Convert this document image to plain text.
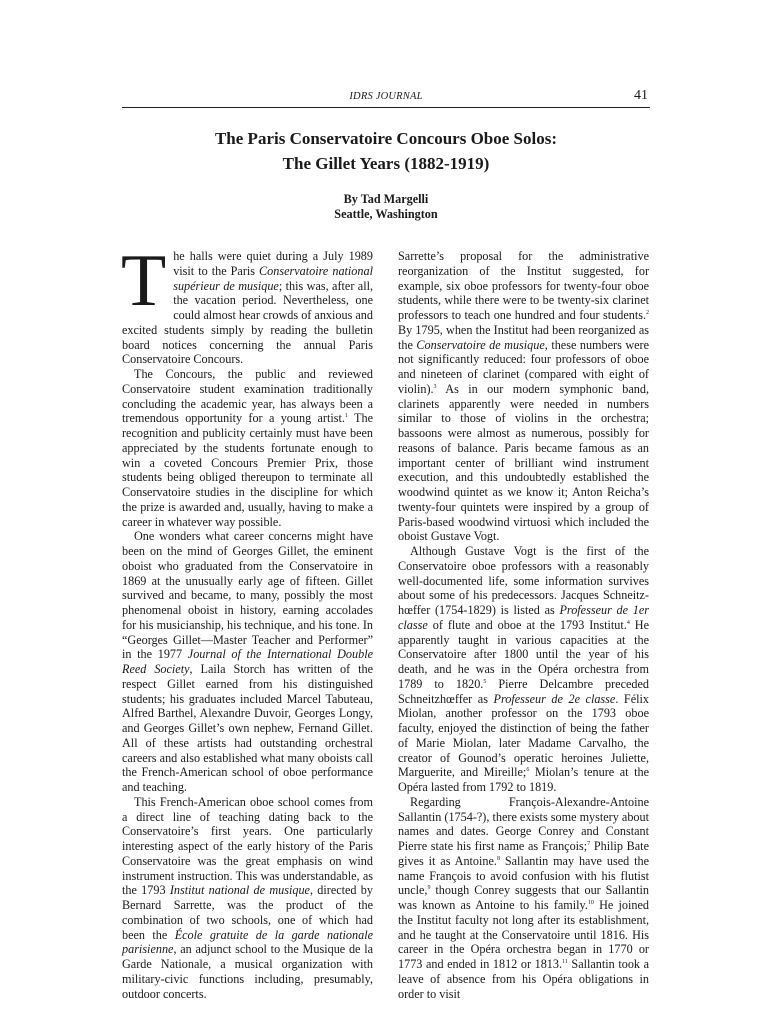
IDRS JOURNAL	41
The Paris Conservatoire Concours Oboe Solos:
The Gillet Years (1882-1919)
By Tad Margelli
Seattle, Washington

The halls were quiet during a July 1989 visit to the Paris Conservatoire national supérieur de musique; this was, after all, the vacation period. Nevertheless, one could almost hear crowds of anxious and excited students simply by reading the bulletin board notices concerning the annual Paris Conservatoire Concours.

The Concours, the public and reviewed Conservatoire student examination traditionally concluding the academic year, has always been a tremendous opportunity for a young artist.$^1$ The recognition and publicity certainly must have been appreciated by the students fortunate enough to win a coveted Concours Premier Prix, those students being obliged thereupon to terminate all Conservatoire studies in the discipline for which the prize is awarded and, usually, having to make a career in whatever way possible.

One wonders what career concerns might have been on the mind of Georges Gillet, the eminent oboist who graduated from the Conservatoire in 1869 at the unusually early age of fifteen. Gillet survived and became, to many, possibly the most phenomenal oboist in history, earning accolades for his musicianship, his technique, and his tone. In “Georges Gillet—Master Teacher and Performer” in the 1977 Journal of the International Double Reed Society, Laila Storch has written of the respect Gillet earned from his distinguished students; his graduates included Marcel Tabuteau, Alfred Barthel, Alexandre Duvoir, Georges Longy, and Georges Gillet’s own nephew, Fernand Gillet. All of these artists had outstanding orchestral careers and also established what many oboists call the French-American school of oboe performance and teaching.

This French-American oboe school comes from a direct line of teaching dating back to the Conservatoire’s first years. One particularly interesting aspect of the early history of the Paris Conservatoire was the great emphasis on wind instrument instruction. This was understandable, as the 1793 Institut national de musique, directed by Bernard Sarrette, was the product of the combination of two schools, one of which had been the École gratuite de la garde nationale parisienne, an adjunct school to the Musique de la Garde Nationale, a musical organization with military-civic functions including, presumably, outdoor concerts.

Sarrette’s proposal for the administrative reorganization of the Institut suggested, for example, six oboe professors for twenty-four oboe students, while there were to be twenty-six clarinet professors to teach one hundred and four students.$^2$ By 1795, when the Institut had been reorganized as the Conservatoire de musique, these numbers were not significantly reduced: four professors of oboe and nineteen of clarinet (compared with eight of violin).$^3$ As in our modern symphonic band, clarinets apparently were needed in numbers similar to those of violins in the orchestra; bassoons were almost as numerous, possibly for reasons of balance. Paris became famous as an important center of brilliant wind instrument execution, and this undoubtedly established the woodwind quintet as we know it; Anton Reicha’s twenty-four quintets were inspired by a group of Paris-based woodwind virtuosi which included the oboist Gustave Vogt.

Although Gustave Vogt is the first of the Conservatoire oboe professors with a reasonably well-documented life, some information survives about some of his predecessors. Jacques Schneitz-hœffer (1754-1829) is listed as Professeur de 1er classe of flute and oboe at the 1793 Institut.$^4$ He apparently taught in various capacities at the Conservatoire after 1800 until the year of his death, and he was in the Opéra orchestra from 1789 to 1820.$^5$ Pierre Delcambre preceded Schneitzhœffer as Professeur de 2e classe. Félix Miolan, another professor on the 1793 oboe faculty, enjoyed the distinction of being the father of Marie Miolan, later Madame Carvalho, the creator of Gounod’s operatic heroines Juliette, Marguerite, and Mireille;$^6$ Miolan’s tenure at the Opéra lasted from 1792 to 1819.

Regarding François-Alexandre-Antoine Sallantin (1754-?), there exists some mystery about names and dates. George Conrey and Constant Pierre state his first name as François;$^7$ Philip Bate gives it as Antoine.$^8$ Sallantin may have used the name François to avoid confusion with his flutist uncle,$^9$ though Conrey suggests that our Sallantin was known as Antoine to his family.$^{10}$ He joined the Institut faculty not long after its establishment, and he taught at the Conservatoire until 1816. His career in the Opéra orchestra began in 1770 or 1773 and ended in 1812 or 1813.11 Sallantin took a leave of absence from his Opéra obligations in order to visit
